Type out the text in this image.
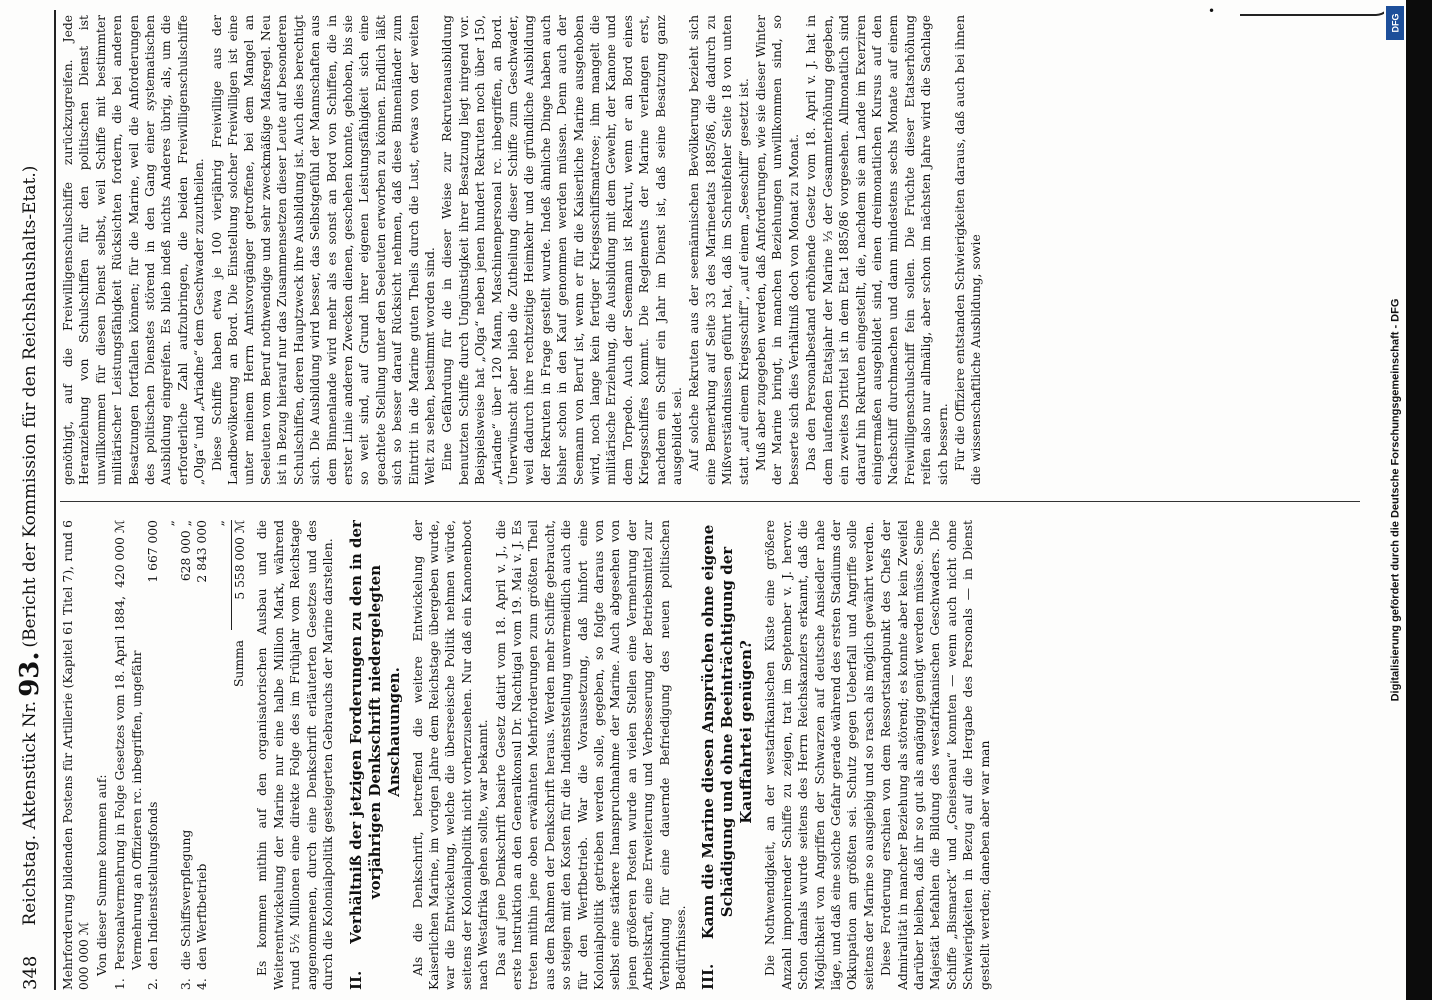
•
348
Reichstag. Aktenstück Nr.
93.
(Bericht der Kommission für den Reichshaushalts-Etat.)

Mehrforderung bildenden Postens für Artillerie (Kapitel 61 Titel 7), rund 6 000 000 ℳ Von dieser Summe kommen auf:

1.
Personalvermehrung in Folge Gesetzes vom 18. April 1884, Vermehrung an Offizieren rc. inbegriffen, ungefähr
420 000 ℳ
2.
den Indienststellungsfonds
1 667 000 „
3.
die Schiffsverpflegung
628 000 „
4.
den Werftbetrieb
2 843 000 „
Summa
5 558 000 ℳ Es kommen mithin auf den organisatorischen Ausbau und die Weiterentwickelung der Marine nur eine halbe Million Mark, während rund 5½ Millionen eine direkte Folge des im Frühjahr vom Reichstage angenommenen, durch eine Denkschrift erläuterten Gesetzes und des durch die Kolonialpolitik gesteigerten Gebrauchs der Marine darstellen. II.
Verhältniß der jetzigen Forderungen zu den in der vorjährigen Denkschrift niedergelegten Anschauungen. Als die Denkschrift, betreffend die weitere Entwickelung der Kaiserlichen Marine, im vorigen Jahre dem Reichstage übergeben wurde, war die Entwickelung, welche die überseeische Politik nehmen würde, seitens der Kolonialpolitik nicht vorherzusehen. Nur daß ein Kanonenboot nach Westafrika gehen sollte, war bekannt. Das auf jene Denkschrift basirte Gesetz datirt vom 18. April v. J., die erste Instruktion an den Generalkonsul Dr. Nachtigal vom 19. Mai v. J. Es treten mithin jene oben erwähnten Mehrforderungen zum größten Theil aus dem Rahmen der Denkschrift heraus. Werden mehr Schiffe gebraucht, so steigen mit den Kosten für die Indienststellung unvermeidlich auch die für den Werftbetrieb. War die Voraussetzung, daß hinfort eine Kolonialpolitik getrieben werden solle, gegeben, so folgte daraus von selbst eine stärkere Inanspruchnahme der Marine. Auch abgesehen von jenen größeren Posten wurde an vielen Stellen eine Vermehrung der Arbeitskraft, eine Erweiterung und Verbesserung der Betriebsmittel zur Verbindung für eine dauernde Befriedigung des neuen politischen Bedürfnisses. III.
Kann die Marine diesen Ansprüchen ohne eigene Schädigung und ohne Beeinträchtigung der Kauffahrtei genügen? Die Nothwendigkeit, an der westafrikanischen Küste eine größere Anzahl imponirender Schiffe zu zeigen, trat im September v. J. hervor. Schon damals wurde seitens des Herrn Reichskanzlers erkannt, daß die Möglichkeit von Angriffen der Schwarzen auf deutsche Ansiedler nahe läge, und daß eine solche Gefahr gerade während des ersten Stadiums der Okkupation am größten sei. Schutz gegen Ueberfall und Angriffe solle seitens der Marine so ausgiebig und so rasch als möglich gewährt werden. Diese Forderung erschien von dem Ressortstandpunkt des Chefs der Admiralität in mancher Beziehung als störend; es konnte aber kein Zweifel darüber bleiben, daß ihr so gut als angängig genügt werden müsse. Seine Majestät befahlen die Bildung des westafrikanischen Geschwaders. Die Schiffe „Bismarck“ und „Gneisenau“ konnten — wenn auch nicht ohne Schwierigkeiten in Bezug auf die Hergabe des Personals — in Dienst gestellt werden; daneben aber war man

genöthigt, auf die Freiwilligenschulschiffe zurückzugreifen. Jede Heranziehung von Schulschiffen für den politischen Dienst ist unwillkommen für diesen Dienst selbst, weil Schiffe mit bestimmter militärischer Leistungsfähigkeit Rücksichten fordern, die bei anderen Besatzungen fortfallen können; für die Marine, weil die Anforderungen des politischen Dienstes störend in den Gang einer systematischen Ausbildung eingreifen. Es blieb indeß nichts Anderes übrig, als, um die erforderliche Zahl aufzubringen, die beiden Freiwilligenschulschiffe „Olga“ und „Ariadne“ dem Geschwader zuzutheilen. Diese Schiffe haben etwa je 100 vierjährig Freiwillige aus der Landbevölkerung an Bord. Die Einstellung solcher Freiwilligen ist eine unter meinem Herrn Amtsvorgänger getroffene, bei dem Mangel an Seeleuten vom Beruf nothwendige und sehr zweckmäßige Maßregel. Neu ist in Bezug hierauf nur das Zusammensetzen dieser Leute auf besonderen Schulschiffen, deren Hauptzweck ihre Ausbildung ist. Auch dies berechtigt sich. Die Ausbildung wird besser, das Selbstgefühl der Mannschaften aus dem Binnenlande wird mehr als es sonst an Bord von Schiffen, die in erster Linie anderen Zwecken dienen, geschehen konnte, gehoben, bis sie so weit sind, auf Grund ihrer eigenen Leistungsfähigkeit sich eine geachtete Stellung unter den Seeleuten erworben zu können. Endlich läßt sich so besser darauf Rücksicht nehmen, daß diese Binnenländer zum Eintritt in die Marine guten Theils durch die Lust, etwas von der weiten Welt zu sehen, bestimmt worden sind. Eine Gefährdung für die in dieser Weise zur Rekrutenausbildung benutzten Schiffe durch Ungünstigkeit ihrer Besatzung liegt nirgend vor. Beispielsweise hat „Olga“ neben jenen hundert Rekruten noch über 150, „Ariadne“ über 120 Mann, Maschinenpersonal rc. inbegriffen, an Bord. Unerwünscht aber blieb die Zutheilung dieser Schiffe zum Geschwader, weil dadurch ihre rechtzeitige Heimkehr und die gründliche Ausbildung der Rekruten in Frage gestellt wurde. Indeß ähnliche Dinge haben auch bisher schon in den Kauf genommen werden müssen. Denn auch der Seemann von Beruf ist, wenn er für die Kaiserliche Marine ausgehoben wird, noch lange kein fertiger Kriegsschiffsmatrose; ihm mangelt die militärische Erziehung, die Ausbildung mit dem Gewehr, der Kanone und dem Torpedo. Auch der Seemann ist Rekrut, wenn er an Bord eines Kriegsschiffes kommt. Die Reglements der Marine verlangen erst, nachdem ein Schiff ein Jahr im Dienst ist, daß seine Besatzung ganz ausgebildet sei. Auf solche Rekruten aus der seemännischen Bevölkerung bezieht sich eine Bemerkung auf Seite 33 des Marineetats 1885/86, die dadurch zu Mißverständnissen geführt hat, daß im Schreibfehler Seite 18 von unten statt „auf einem Kriegsschiff“, „auf einem „Seeschiff“ gesetzt ist. Muß aber zugegeben werden, daß Anforderungen, wie sie dieser Winter der Marine bringt, in manchen Beziehungen unwillkommen sind, so besserte sich dies Verhältniß doch von Monat zu Monat. Das den Personalbestand erhöhende Gesetz vom 18. April v. J. hat in dem laufenden Etatsjahr der Marine ⅓ der Gesammterhöhung gegeben, ein zweites Drittel ist in dem Etat 1885/86 vorgesehen. Allmonatlich sind darauf hin Rekruten eingestellt, die, nachdem sie am Lande im Exerziren einigermaßen ausgebildet sind, einen dreimonatlichen Kursus auf den Nachschiff durchmachen und dann mindestens sechs Monate auf einem Freiwilligenschulschiff fein sollen. Die Früchte dieser Etatserhöhung reifen also nur allmälig, aber schon im nächsten Jahre wird die Sachlage sich bessern. Für die Offiziere entstanden Schwierigkeiten daraus, daß auch bei ihnen die wissenschaftliche Ausbildung, sowie	Digitalisierung gefördert durch die Deutsche Forschungsgemeinschaft - DFG
DFG
